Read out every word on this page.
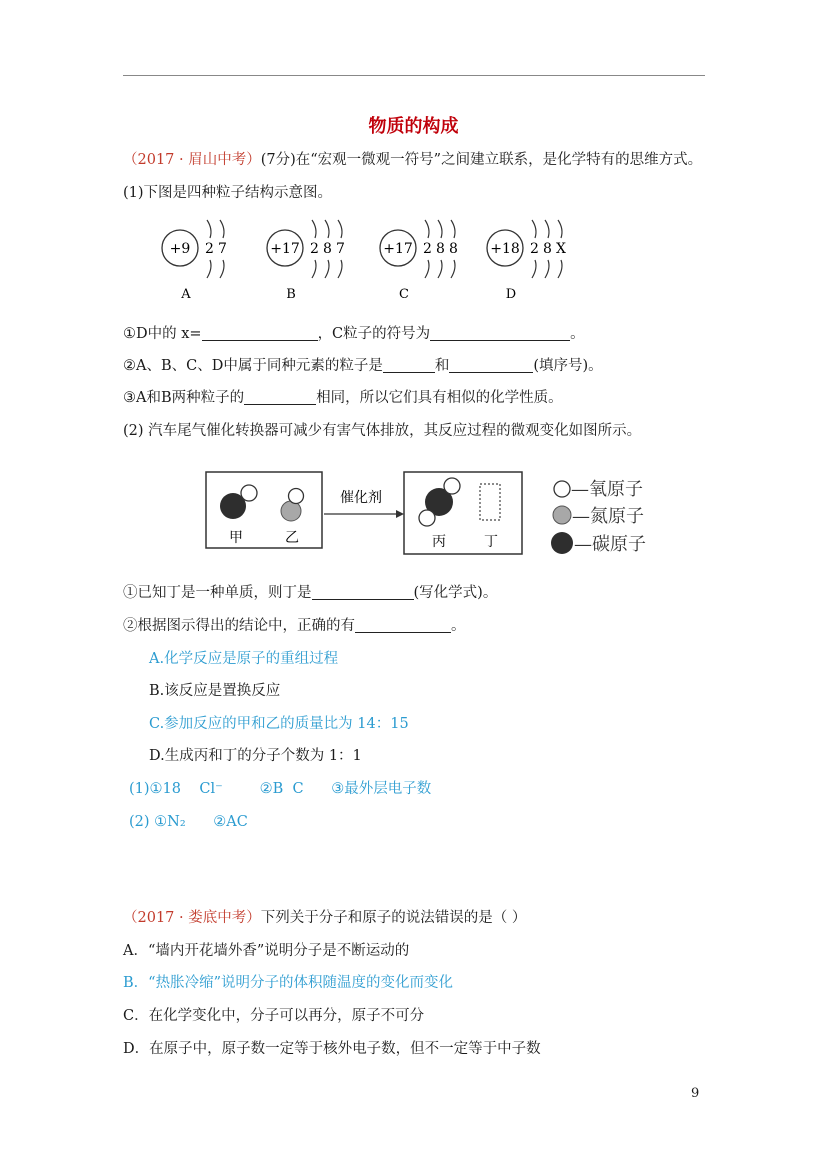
物质的构成
（2017 · 眉山中考）(7分)在“宏观一微观一符号”之间建立联系，是化学特有的思维方式。
(1)下图是四种粒子结构示意图。
+9 2 7
A
+17 2 8 7
B
+17 2 8 8
C
+18 2 8 X
D
①D中的 x=	，C粒子的符号为	。
②A、B、C、D中属于同种元素的粒子是	和	(填序号)。
③A和B两种粒子的	相同，所以它们具有相似的化学性质。
(2) 汽车尾气催化转换器可减少有害气体排放，其反应过程的微观变化如图所示。
甲	乙
催化剂
丙	丁
—氧原子
—氮原子
—碳原子
①已知丁是一种单质，则丁是	(写化学式)。
②根据图示得出的结论中，正确的有	。
A.化学反应是原子的重组过程
B.该反应是置换反应
C.参加反应的甲和乙的质量比为 14：15
D.生成丙和丁的分子个数为 1：1
(1)①18    Cl⁻        ②B  C      ③最外层电子数
(2) ①N₂      ②AC
（2017 · 娄底中考）下列关于分子和原子的说法错误的是（ ）
A．“墙内开花墙外香”说明分子是不断运动的
B．“热胀冷缩”说明分子的体积随温度的变化而变化
C．在化学变化中，分子可以再分，原子不可分
D．在原子中，原子数一定等于核外电子数，但不一定等于中子数
9
